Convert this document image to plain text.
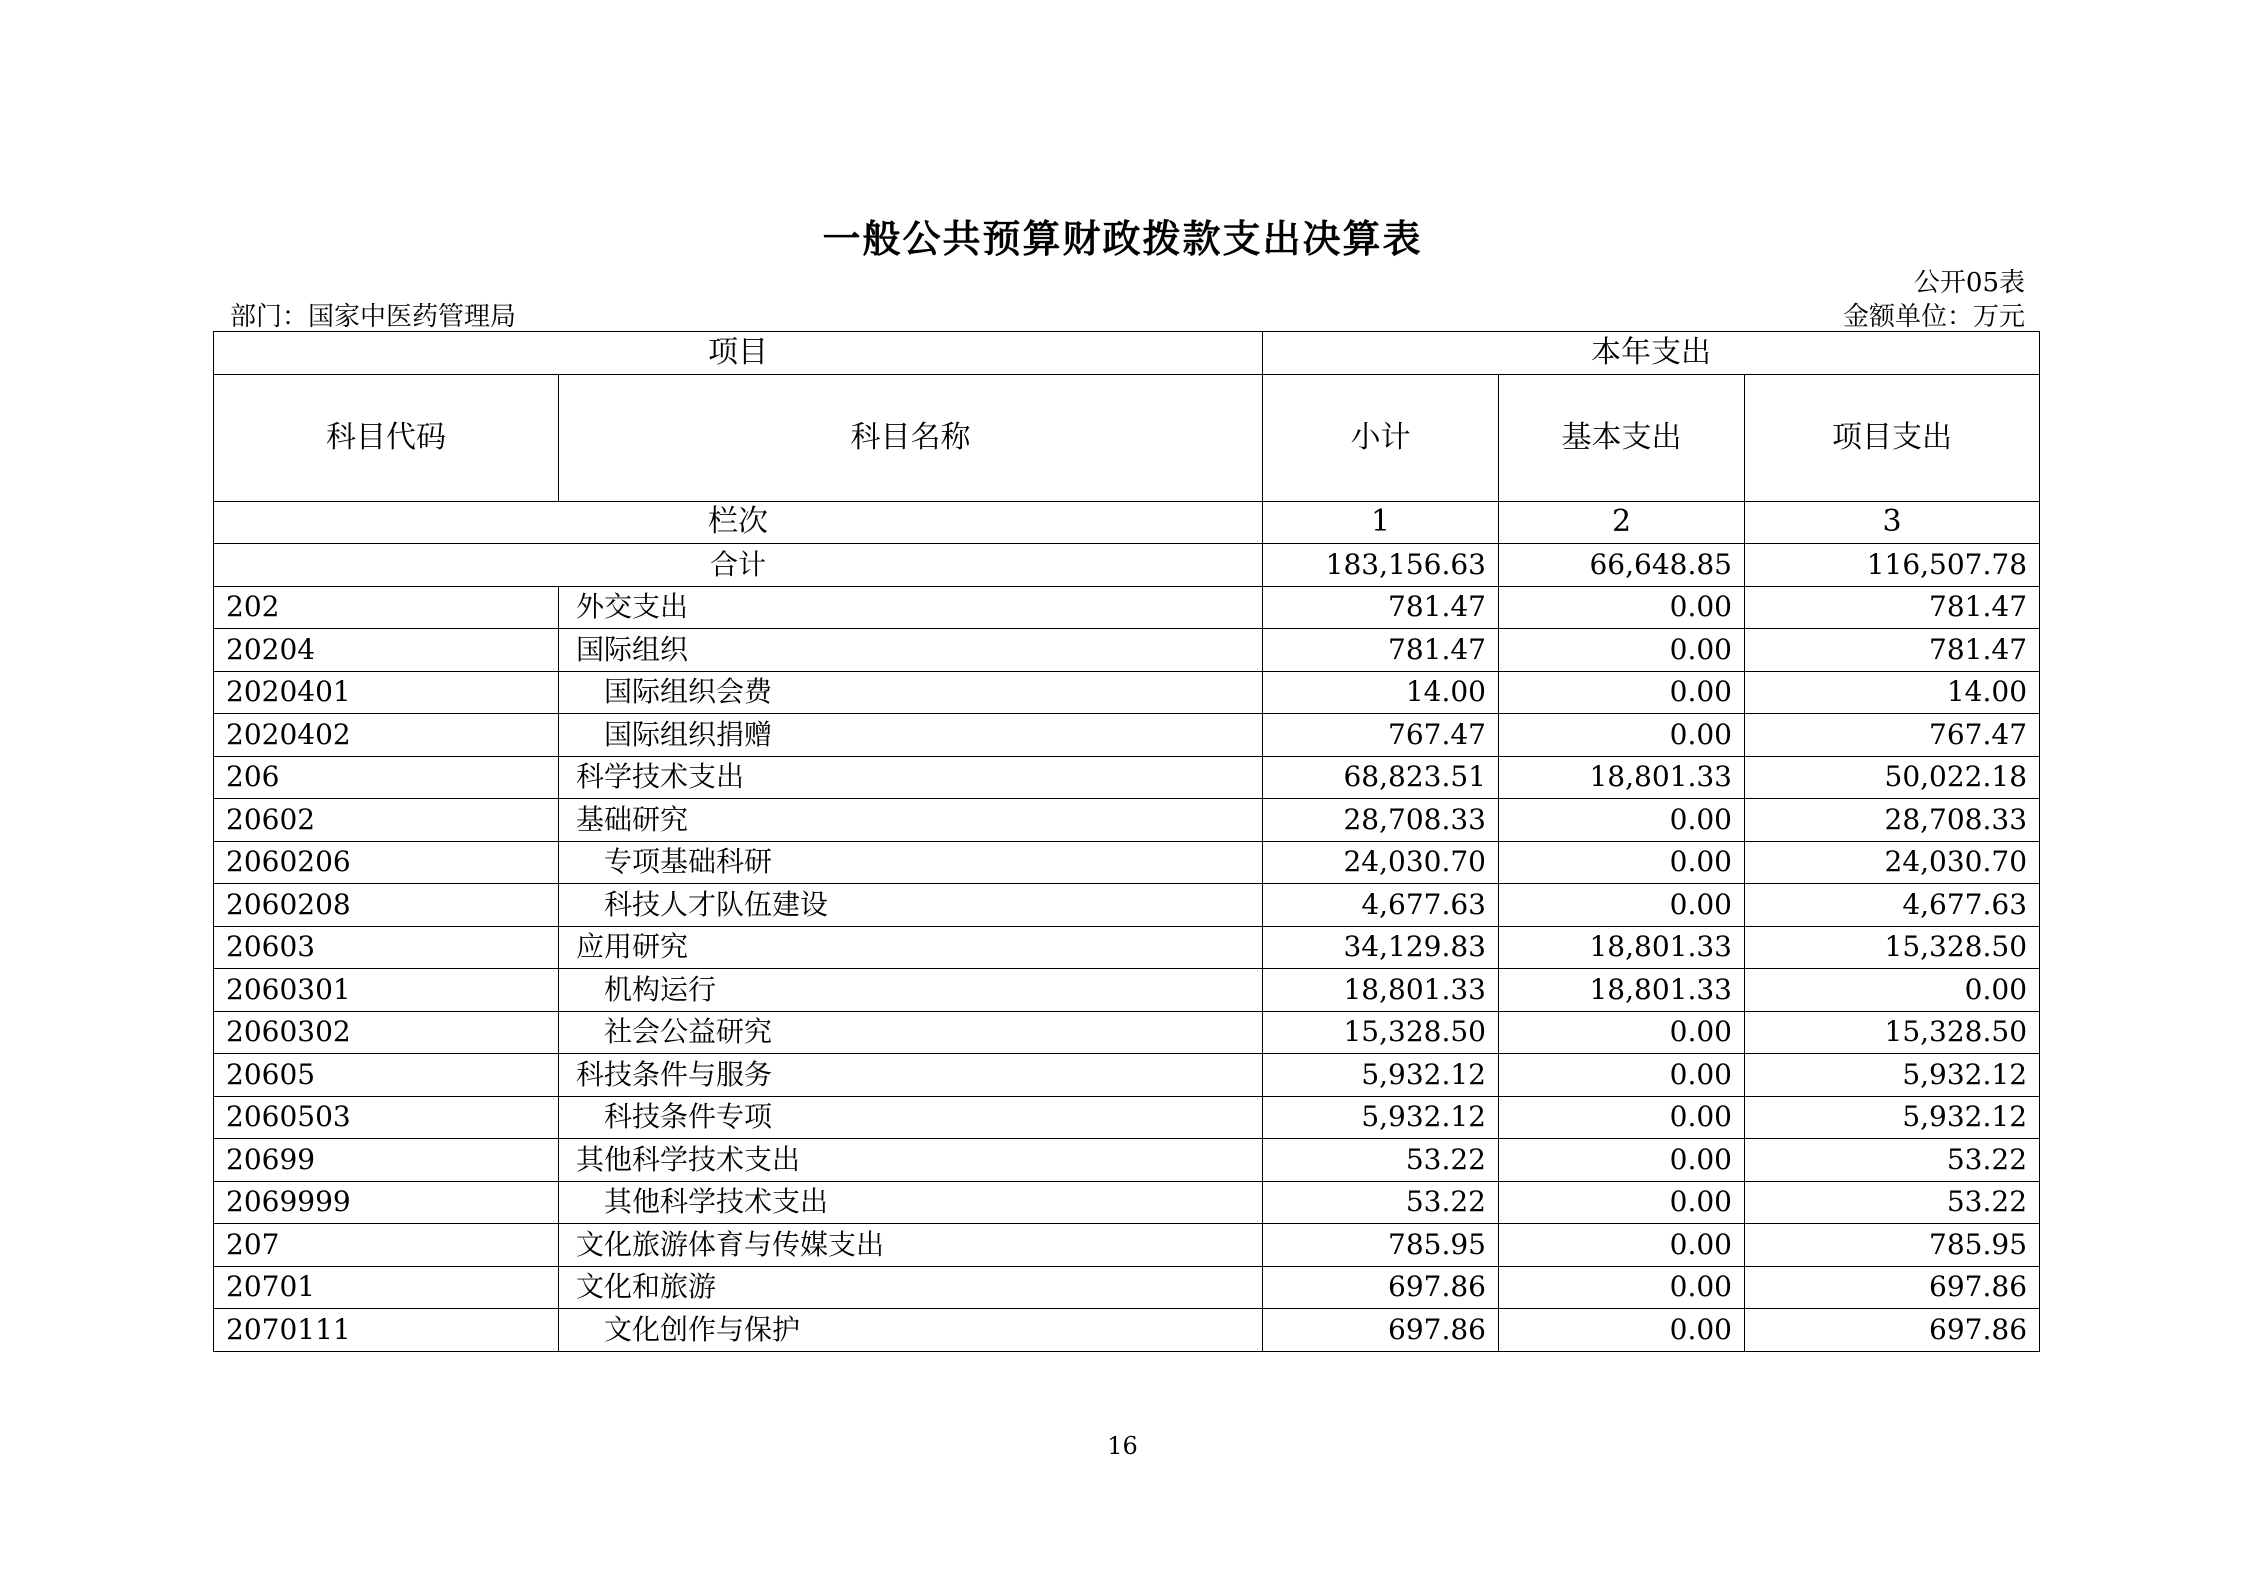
一般公共预算财政拨款支出决算表
公开05表
部门：国家中医药管理局	金额单位：万元
项目		本年支出		
科目代码	科目名称	小计	基本支出	项目支出
栏次		1	2	3
合计		183,156.63	66,648.85	116,507.78
202	外交支出	781.47	0.00	781.47
20204	国际组织	781.47	0.00	781.47
2020401	国际组织会费	14.00	0.00	14.00
2020402	国际组织捐赠	767.47	0.00	767.47
206	科学技术支出	68,823.51	18,801.33	50,022.18
20602	基础研究	28,708.33	0.00	28,708.33
2060206	专项基础科研	24,030.70	0.00	24,030.70
2060208	科技人才队伍建设	4,677.63	0.00	4,677.63
20603	应用研究	34,129.83	18,801.33	15,328.50
2060301	机构运行	18,801.33	18,801.33	0.00
2060302	社会公益研究	15,328.50	0.00	15,328.50
20605	科技条件与服务	5,932.12	0.00	5,932.12
2060503	科技条件专项	5,932.12	0.00	5,932.12
20699	其他科学技术支出	53.22	0.00	53.22
2069999	其他科学技术支出	53.22	0.00	53.22
207	文化旅游体育与传媒支出	785.95	0.00	785.95
20701	文化和旅游	697.86	0.00	697.86
2070111	文化创作与保护	697.86	0.00	697.86
16
